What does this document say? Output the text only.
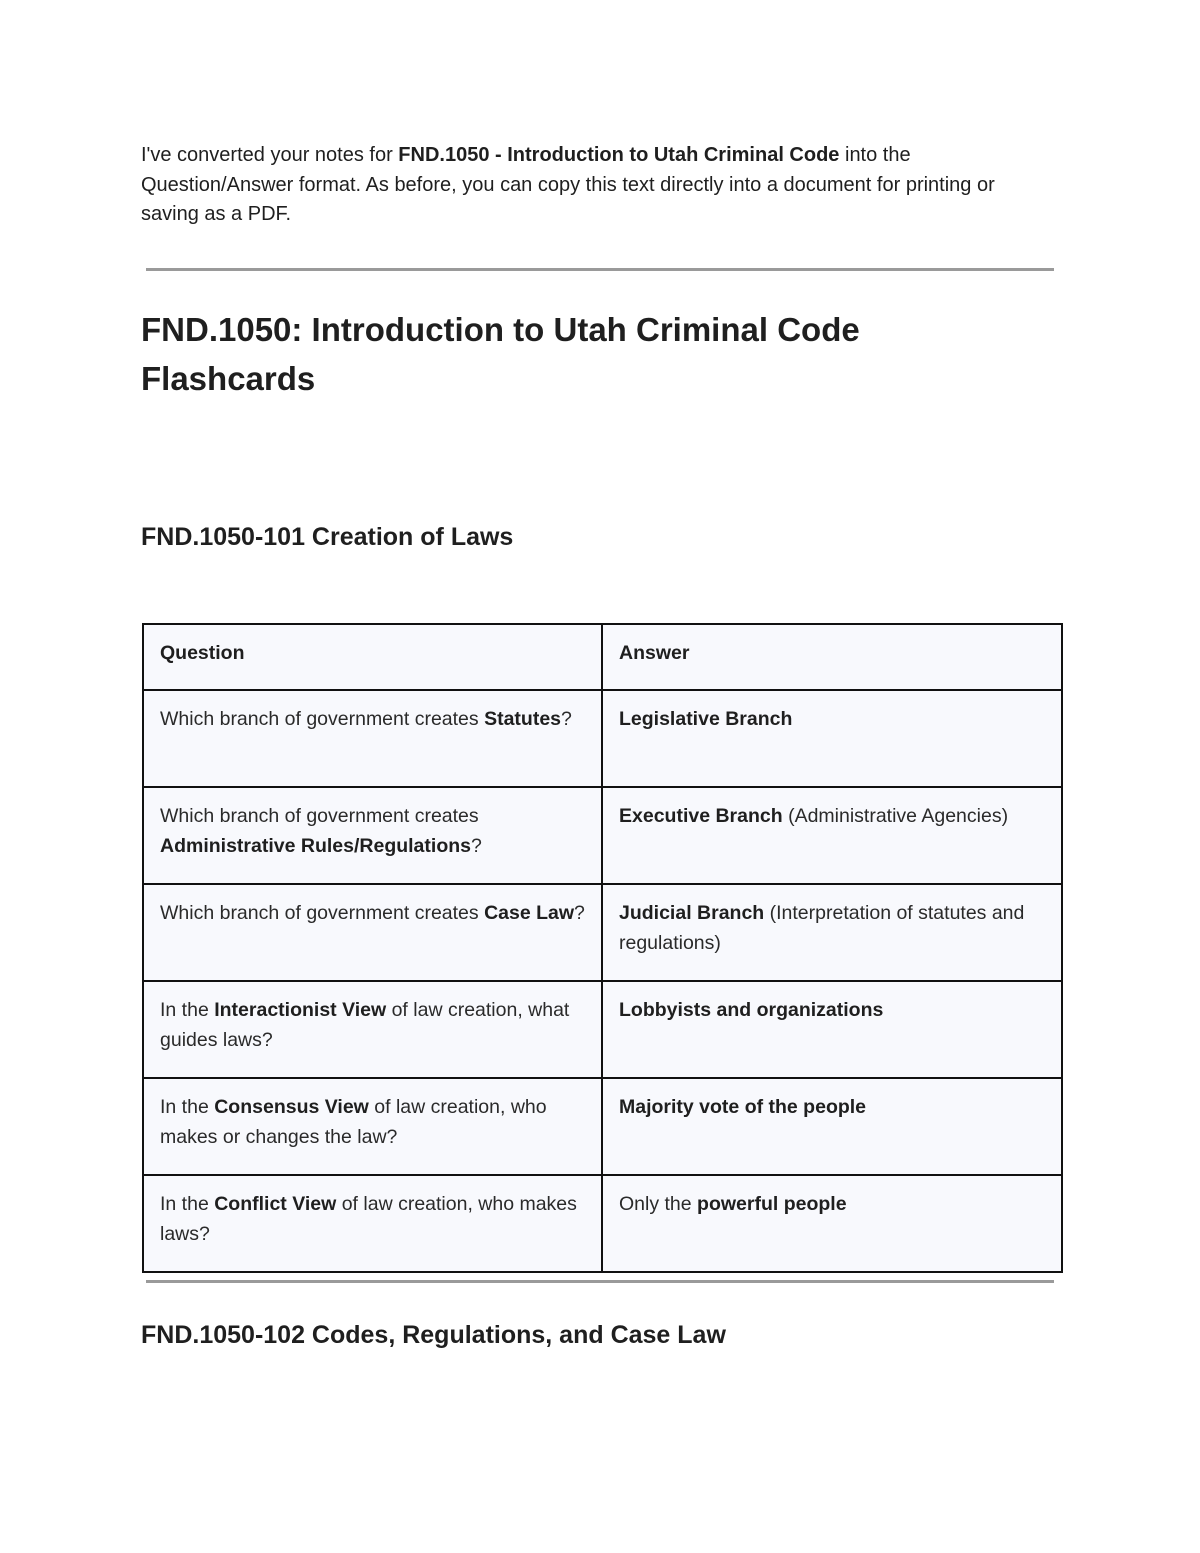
I've converted your notes for FND.1050 - Introduction to Utah Criminal Code into the Question/Answer format. As before, you can copy this text directly into a document for printing or saving as a PDF.

FND.1050: Introduction to Utah Criminal Code
Flashcards
FND.1050-101 Creation of Laws
Question	Answer
Which branch of government creates Statutes?	Legislative Branch
Which branch of government creates Administrative Rules/Regulations?	Executive Branch (Administrative Agencies)
Which branch of government creates Case Law?	Judicial Branch (Interpretation of statutes and regulations)
In the Interactionist View of law creation, what guides laws?	Lobbyists and organizations
In the Consensus View of law creation, who makes or changes the law?	Majority vote of the people
In the Conflict View of law creation, who makes laws?	Only the powerful people
FND.1050-102 Codes, Regulations, and Case Law
